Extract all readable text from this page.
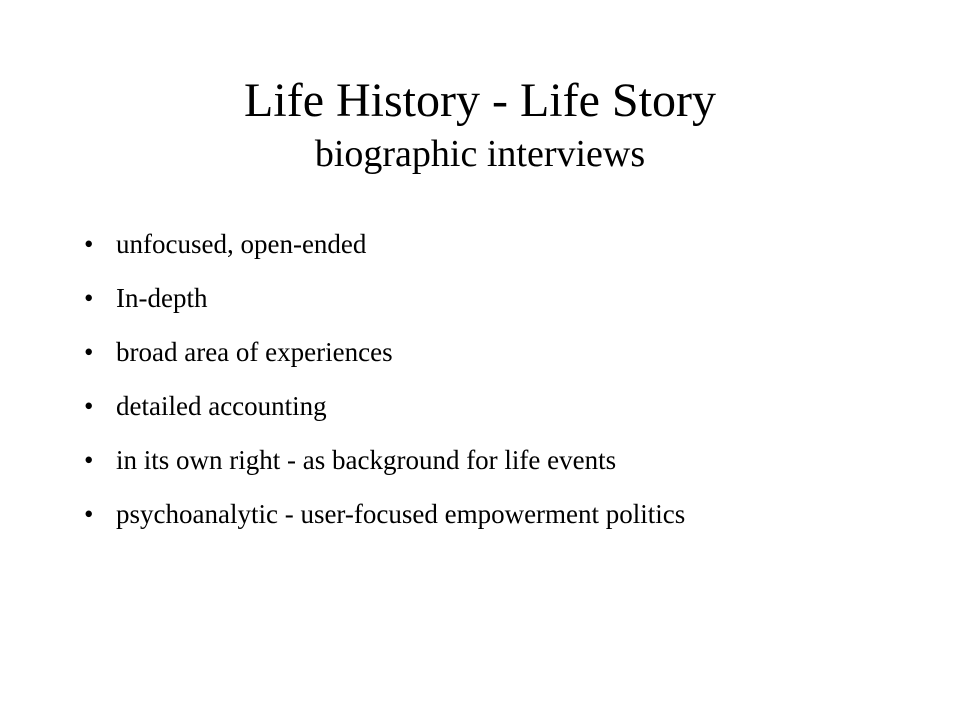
Life History - Life Story
biographic interviews
• unfocused, open-ended
• In-depth
• broad area of experiences
• detailed accounting
• in its own right - as background for life events
• psychoanalytic - user-focused empowerment politics
